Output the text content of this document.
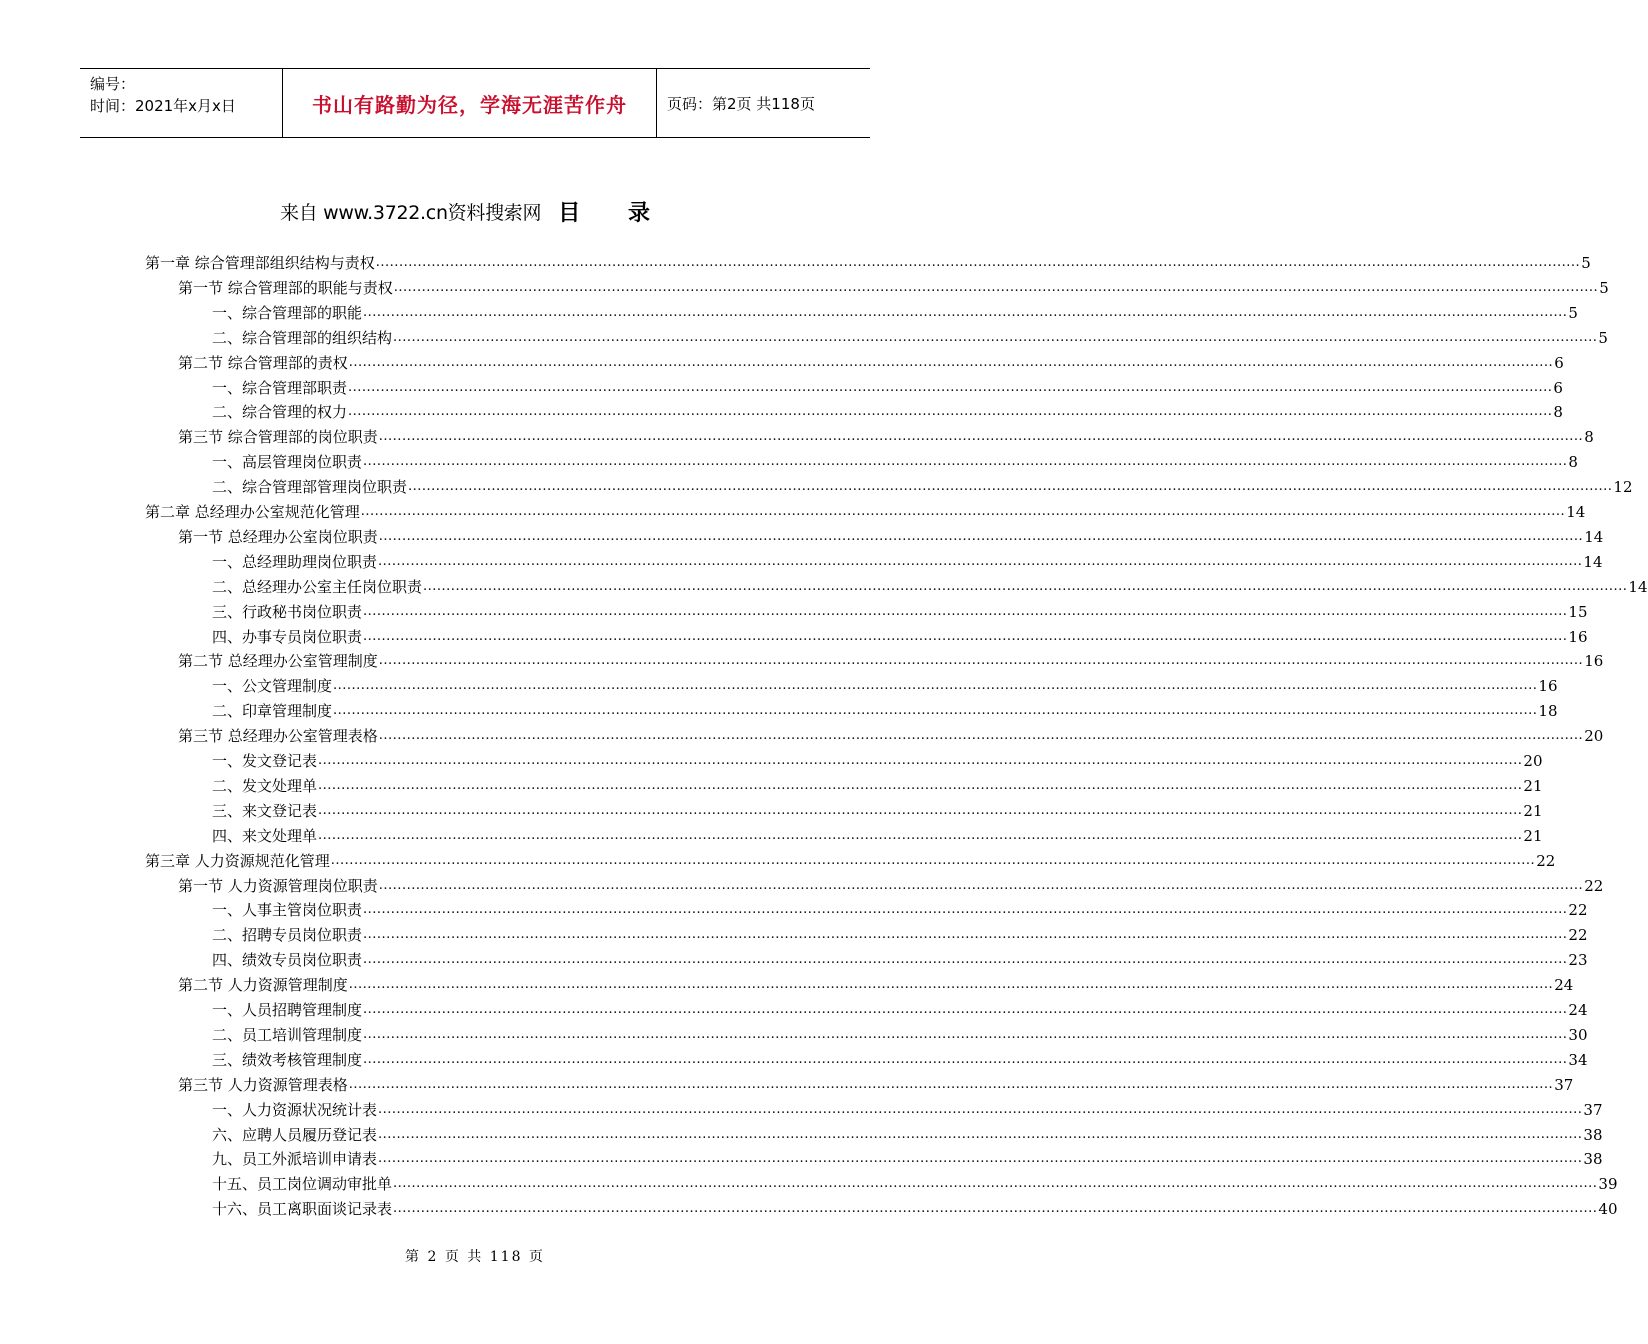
编号：
时间：2021年x月x日	书山有路勤为径，学海无涯苦作舟	页码：第2页 共118页
来自 www.3722.cn资料搜索网 目 录
第一章 综合管理部组织结构与责权 .................................................................................................................................................................................................................................................................... 5
第一节 综合管理部的职能与责权 .................................................................................................................................................................................................................................................................... 5
一、综合管理部的职能 .................................................................................................................................................................................................................................................................... 5
二、综合管理部的组织结构 .................................................................................................................................................................................................................................................................... 5
第二节 综合管理部的责权 .................................................................................................................................................................................................................................................................... 6
一、综合管理部职责 .................................................................................................................................................................................................................................................................... 6
二、综合管理的权力 .................................................................................................................................................................................................................................................................... 8
第三节 综合管理部的岗位职责 .................................................................................................................................................................................................................................................................... 8
一、高层管理岗位职责 .................................................................................................................................................................................................................................................................... 8
二、综合管理部管理岗位职责 .................................................................................................................................................................................................................................................................... 12
第二章 总经理办公室规范化管理 .................................................................................................................................................................................................................................................................... 14
第一节 总经理办公室岗位职责 .................................................................................................................................................................................................................................................................... 14
一、总经理助理岗位职责 .................................................................................................................................................................................................................................................................... 14
二、总经理办公室主任岗位职责 .................................................................................................................................................................................................................................................................... 14
三、行政秘书岗位职责 .................................................................................................................................................................................................................................................................... 15
四、办事专员岗位职责 .................................................................................................................................................................................................................................................................... 16
第二节 总经理办公室管理制度 .................................................................................................................................................................................................................................................................... 16
一、公文管理制度 .................................................................................................................................................................................................................................................................... 16
二、印章管理制度 .................................................................................................................................................................................................................................................................... 18
第三节 总经理办公室管理表格 .................................................................................................................................................................................................................................................................... 20
一、发文登记表 .................................................................................................................................................................................................................................................................... 20
二、发文处理单 .................................................................................................................................................................................................................................................................... 21
三、来文登记表 .................................................................................................................................................................................................................................................................... 21
四、来文处理单 .................................................................................................................................................................................................................................................................... 21
第三章 人力资源规范化管理 .................................................................................................................................................................................................................................................................... 22
第一节 人力资源管理岗位职责 .................................................................................................................................................................................................................................................................... 22
一、人事主管岗位职责 .................................................................................................................................................................................................................................................................... 22
二、招聘专员岗位职责 .................................................................................................................................................................................................................................................................... 22
四、绩效专员岗位职责 .................................................................................................................................................................................................................................................................... 23
第二节 人力资源管理制度 .................................................................................................................................................................................................................................................................... 24
一、人员招聘管理制度 .................................................................................................................................................................................................................................................................... 24
二、员工培训管理制度 .................................................................................................................................................................................................................................................................... 30
三、绩效考核管理制度 .................................................................................................................................................................................................................................................................... 34
第三节 人力资源管理表格 .................................................................................................................................................................................................................................................................... 37
一、人力资源状况统计表 .................................................................................................................................................................................................................................................................... 37
六、应聘人员履历登记表 .................................................................................................................................................................................................................................................................... 38
九、员工外派培训申请表 .................................................................................................................................................................................................................................................................... 38
十五、员工岗位调动审批单 .................................................................................................................................................................................................................................................................... 39
十六、员工离职面谈记录表 .................................................................................................................................................................................................................................................................... 40
第 2 页 共 118 页
